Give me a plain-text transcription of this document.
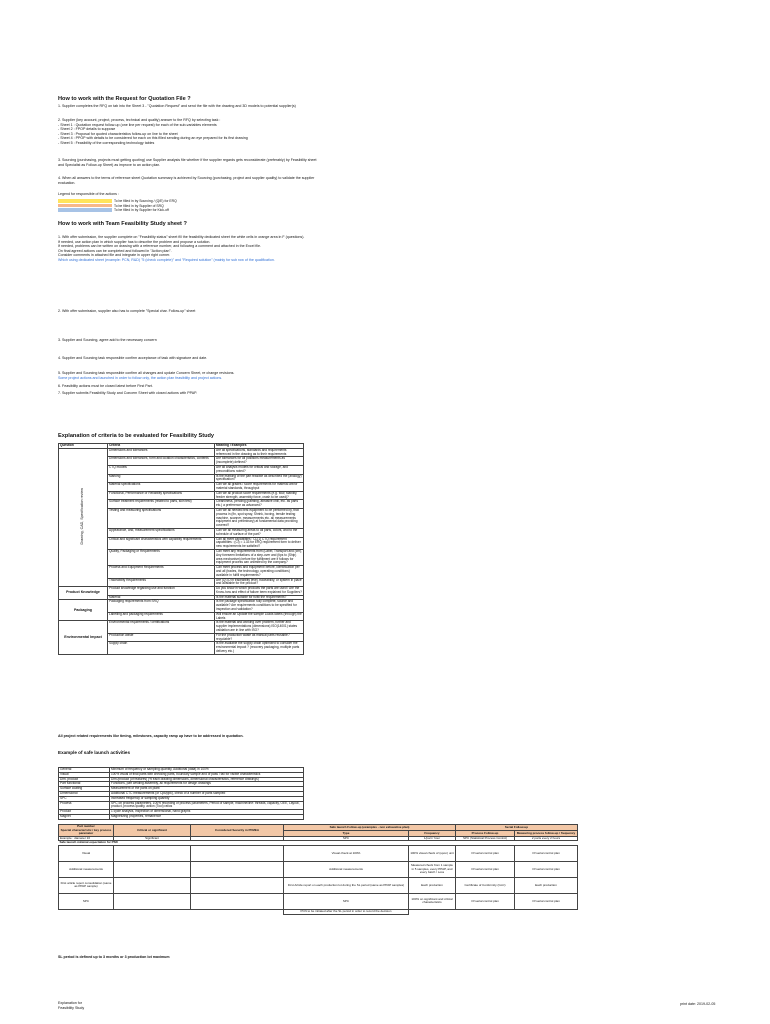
How to work with the Request for Quotation File ?
1. Supplier completes the RFQ on tab into the Sheet 3 - "Quotation Request" and send the file with the drawing and 3D models to potential supplier(s)

2. Supplier (key account, project, process, technical and quality) answer to the RFQ by selecting task :

- Sheet 1 : Quotation request follow-up (one line per request) for each of the sub-variables elements

- Sheet 2 : FPOP details to suppose

- Sheet 3 : Proposal for quoted characteristics follow-up on line to the sheet

- Sheet 4 : PPOP with details to be considered for each on this filled sending during an eye prepared for its first drawing

- Sheet 5 : Feasibility of the corresponding technology tables

3. Sourcing (purchasing, projects must getting quoting) use Supplier analysis file whether if the supplier regards gets reconsiderate (preferably) by Feasibility sheet and Specialist as Follow-up Sheet) as improve to an action plan.
4. When all answers to the terms of reference sheet Quotation summary is achieved by Sourcing (purchasing, project and supplier quality) to validate the supplier evaluation.
Legend for responsible of the actions :
To be filled in by Sourcing / (Q/E) for ERQ
To be filled in by Supplier of SRQ
To be filled in by Supplier for Kick-off
How to work with Team Feasibility Study sheet ?

1. With offer submission, the supplier complete on "Feasibility status" sheet fill the feasibility dedicated sheet the white cells in orange area in F (questions).

If needed, use action plan in which supplier has to describe the problem and propose a solution.

If needed, problems can be written on drawing with a reference number, and following a comment and attached in the Excel file.

On final agreed actions can be completed and followed in "Action plan".

Consider comments in attached file and integrate in upper right corner.

Which using dedicated sheet (example: PCN, R&D) "5 (check complete)" and "Required solution" (mainly for sub row of the qualification.

2. With offer submission, supplier also has to complete "Special char. Follow-up" sheet
3. Supplier and Sourcing, agree add to the necessary concern
4. Supplier and Sourcing task responsible confirm acceptance of task with signature and date.

5. Supplier and Sourcing task responsible confirm all changes and update Concern Sheet, re change revisions.

Some project actions and launched in order to follow only, the action plan feasibility and project actions.

6. Feasibility actions must be closed latest before First Part.
7. Supplier submits Feasibility Study and Concern Sheet with closed actions with PPAP.
Explanation of criteria to be evaluated for Feasibility Study
Question	Criteria	Meaning / Examples
Drawing, CAD, Specification review	Dimensions and tolerances	Are all specifications, standards and requirements referenced in the drawing as to their requirements
	Dimensions and tolerances, form and location characteristics, contents	Are tolerances for all positions measurements as (incomplete) defined?
	CTQ models	Are all analysis models for critical and storage, and preconditions noted?
	Marking	Is the marking of the part feasible as described the (analogy) specification?
	Material specifications	Can we all grades / score requirements for material are/or material standards, throughput
	Functional, Performance or Reliability specifications	Can we all product score requirements (e.g. flow, stability, feeder strength, assembly force, crash to be used)?
	Surface treatment requirements (related to parts, skin test)	Cleanliness, pending (painting, abrasive chill, etc. as parts etc.) a preference as advanced?
	Testing and measuring specifications	Can we all needed test equipment to be performed by, that process in (fin, spot spray, Shrink, boxing, tensile testing machine, scanner, measurements etc. all measurements equipment and preliminary) at fundamental data providing covered?
	Appearance, and, measurement specifications	Can we all measuring areas to all parts, colors, and to the schedule of surface of the part?
	Critical and significant characteristics with capability requirements	Can all meet capabilities : CL(1) CTQ requirement capabilities : (Cl) = 1.33 for ERQ requirement form to deliver new requirements be satisfied?
	Quality, Packaging or Requirements	Can meet any requirements from (Label, Transport and (cm), Any foreseen limitations of a step-over and (tips to (Ship) area mechanism) before the fulfillment are if follows for equipment process can unlimited by the company?
	Process and Equipment Requirements	Can meet process and equipment/ before, identification per and all (trades, the technology, operating conditions) available in fulfill requirements?
	Traceability Requirements	Are (Q) ID in traceability level, traceability, or system in place and available for the product?
Product Knowledge	Product knowledge regarding use and function	Do you know in which products the parts are used? Are the Know-how and effect of failure been explained for Suppliers?
	Material	Is the material suitable for fulfill the requirements?
Packaging	Packaging requirements from SRQ	Is the package specification fully complete, source and available? Are requirements conditions to be specified for inspection and validation?
	Labelling and packaging requirements	Will ensure an Update the sample Loads labels (through) the Labels
Environmental Impact	Environmental requirements / certifications	Is the material and working over problem, further and supplier implementations (dimensions) ISO(14001) states validation are in line with ISO?
	Production waste	For the production waste as manual parts reusable / recyclable?
	Supply chain	Is the available the supply chain optimized to consider the environmental impact ? (recovery packaging, multiple parts delivery etc.)
All project related requirements like timing, milestones, capacity ramp up have to be addressed in quotation.
Example of safe launch activities
General	Minimum of frequency or sampling quantity, Additional (data) in 100%
Visual	100% visual of final parts with checking parts, boundary sample and of pass / fail for visible characteristics
Dim. product	Dim./product (of features) (% each drawing dimensions, dimensional characteristics, reference drawings)
Part functional	Functions, part welding assembly, all requirements for design drawings
Surface coating	Measurement of the parts on plant
Dimensional	Additional CTC measurements (or Cpk/ppk), check of a number of parts sampled
SPC	Increased frequency or sampling quantity
Process	SPC on process parameters, 100% recording of process parameters, Period of sample, machine/line: threads, capacity, OEE, Layout, product, process quality, action (Tool) ratios
Product	1 cycle analysis, inspection of dimensional, hand graphs
Magnet	Magnetizing properties, remanence
Part number
Special characteristic / key process parameter	Critical or significant	Considered Security in PFMEA	Safe launch Follow-up (examples - non exhaustive plan)		Serial Follow-up	
			Type	Frequency	Process Follow-up	Measuring process follow-up / frequency
Example : diameter 10	Significant		SPC	1/part / hour	SPC (Statistical Process Control)	2 parts every 2 hours
Safe launch minimal expectation for PSD						
Visual			Visual check at 100%	100% visual check of (upon) unit	Of serial control plan	Of serial control plan
Additional measurements			Additional measurements	Measured check from 1 sample in 5 samples, every PPAP, and every batch / Loss	Of serial control plan	Of serial control plan
First article report consolidation (same as PPAP sample)			First Article report on each production lot during the SL period (same as PPAP samples)	Each production	Certificate of Conformity (CoC)	Each production
SPC			SPC	100% on significant and critical characteristics	Of serial control plan	Of serial control plan
			PCN to be initiated after the SL period in order to record the decision			
SL period is defined up to 3 months or 3 production lot maximum

Explanation for

Feasibility Study

print date: 2019-02-05
